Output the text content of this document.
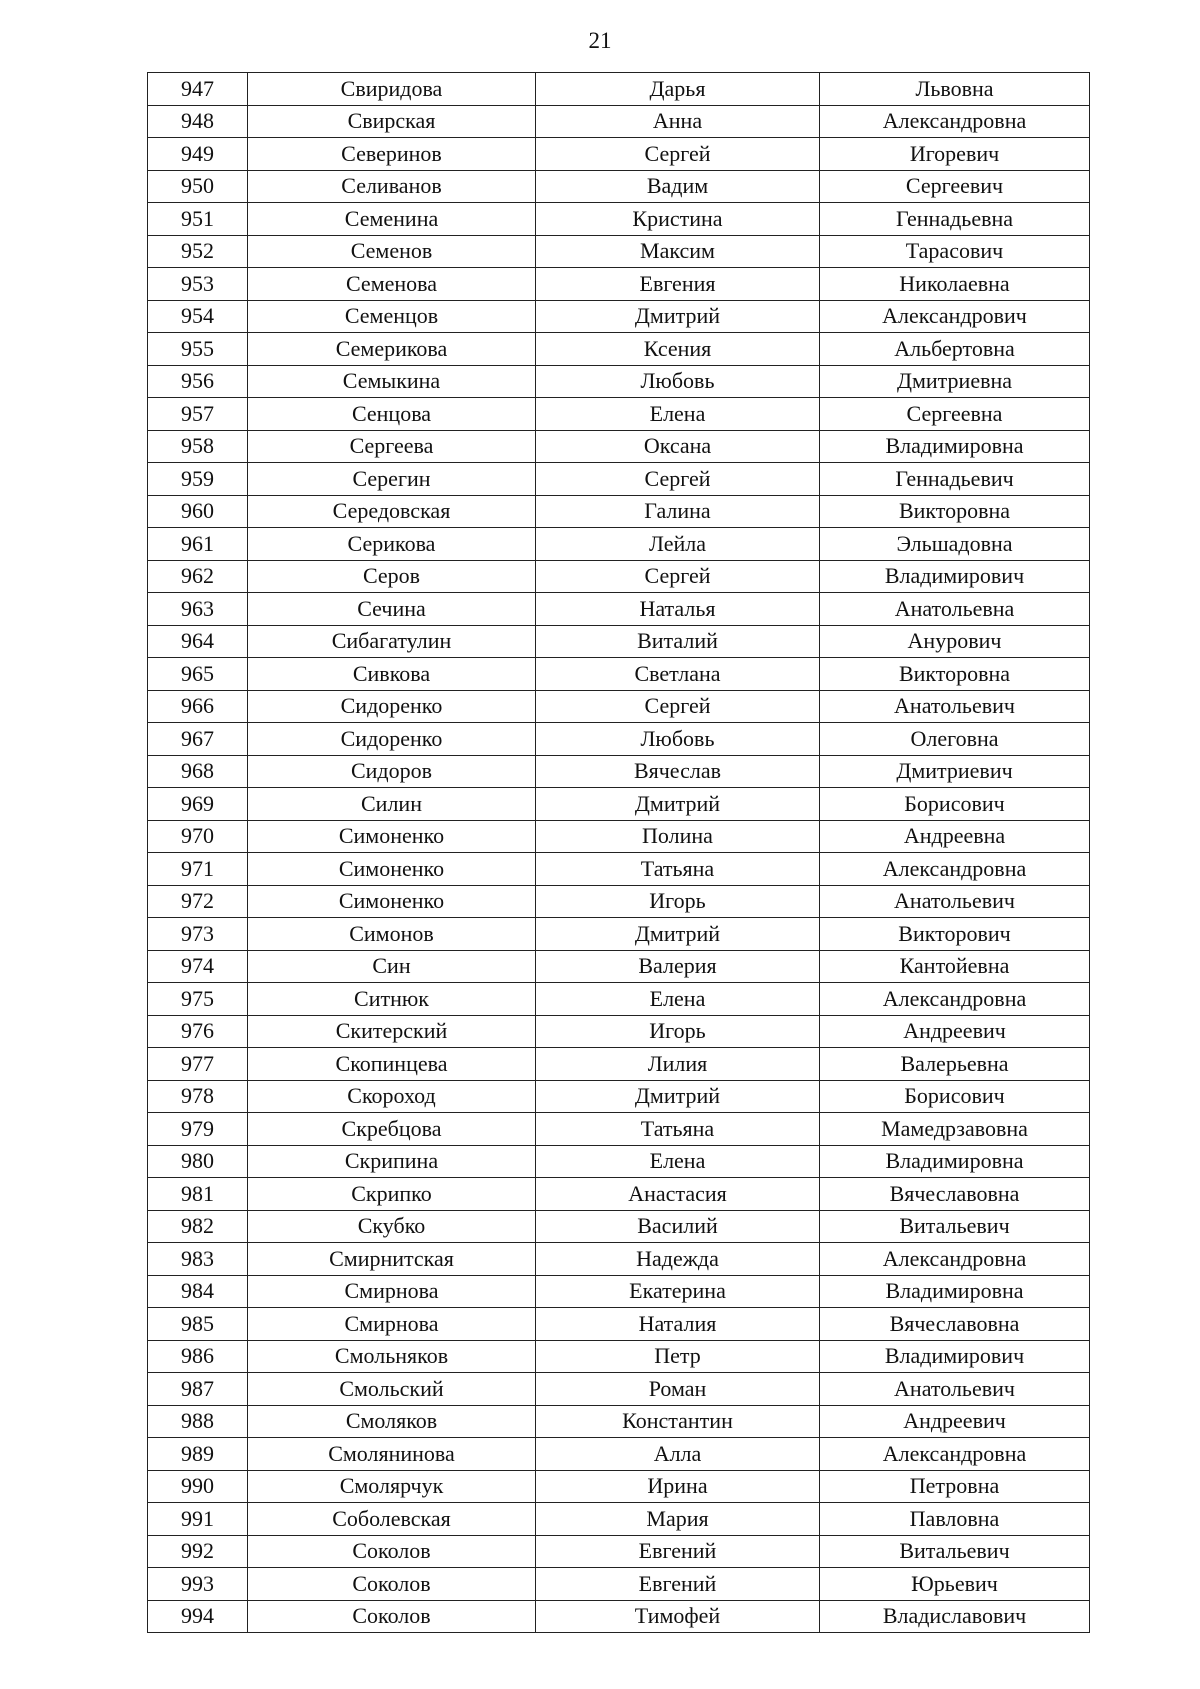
21
947	Свиридова	Дарья	Львовна
948	Свирская	Анна	Александровна
949	Северинов	Сергей	Игоревич
950	Селиванов	Вадим	Сергеевич
951	Семенина	Кристина	Геннадьевна
952	Семенов	Максим	Тарасович
953	Семенова	Евгения	Николаевна
954	Семенцов	Дмитрий	Александрович
955	Семерикова	Ксения	Альбертовна
956	Семыкина	Любовь	Дмитриевна
957	Сенцова	Елена	Сергеевна
958	Сергеева	Оксана	Владимировна
959	Серегин	Сергей	Геннадьевич
960	Середовская	Галина	Викторовна
961	Серикова	Лейла	Эльшадовна
962	Серов	Сергей	Владимирович
963	Сечина	Наталья	Анатольевна
964	Сибагатулин	Виталий	Анурович
965	Сивкова	Светлана	Викторовна
966	Сидоренко	Сергей	Анатольевич
967	Сидоренко	Любовь	Олеговна
968	Сидоров	Вячеслав	Дмитриевич
969	Силин	Дмитрий	Борисович
970	Симоненко	Полина	Андреевна
971	Симоненко	Татьяна	Александровна
972	Симоненко	Игорь	Анатольевич
973	Симонов	Дмитрий	Викторович
974	Син	Валерия	Кантойевна
975	Ситнюк	Елена	Александровна
976	Скитерский	Игорь	Андреевич
977	Скопинцева	Лилия	Валерьевна
978	Скороход	Дмитрий	Борисович
979	Скребцова	Татьяна	Мамедрзавовна
980	Скрипина	Елена	Владимировна
981	Скрипко	Анастасия	Вячеславовна
982	Скубко	Василий	Витальевич
983	Смирнитская	Надежда	Александровна
984	Смирнова	Екатерина	Владимировна
985	Смирнова	Наталия	Вячеславовна
986	Смольняков	Петр	Владимирович
987	Смольский	Роман	Анатольевич
988	Смоляков	Константин	Андреевич
989	Смолянинова	Алла	Александровна
990	Смолярчук	Ирина	Петровна
991	Соболевская	Мария	Павловна
992	Соколов	Евгений	Витальевич
993	Соколов	Евгений	Юрьевич
994	Соколов	Тимофей	Владиславович
